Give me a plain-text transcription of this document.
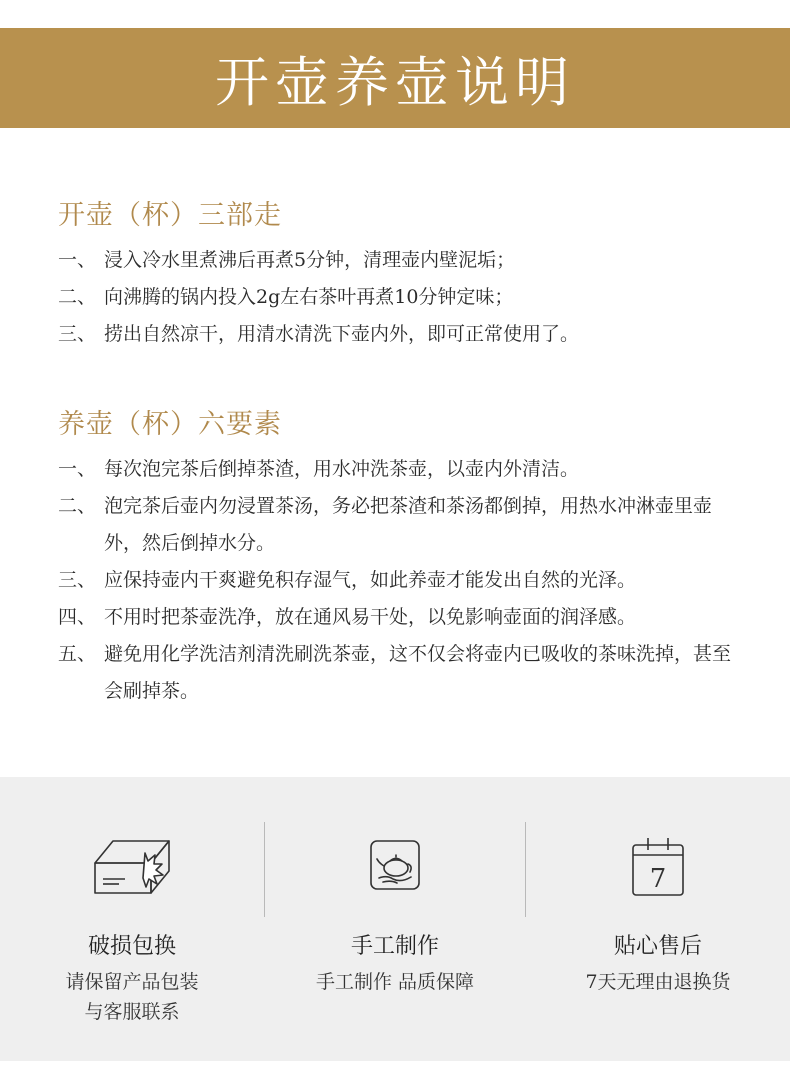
开壶养壶说明
开壶（杯）三部走
一、 浸入冷水里煮沸后再煮5分钟，清理壶内壁泥垢；
二、 向沸腾的锅内投入2g左右茶叶再煮10分钟定味；
三、 捞出自然凉干，用清水清洗下壶内外，即可正常使用了。
养壶（杯）六要素
一、 每次泡完茶后倒掉茶渣，用水冲洗茶壶，以壶内外清洁。
二、 泡完茶后壶内勿浸置茶汤，务必把茶渣和茶汤都倒掉，用热水冲淋壶里壶外，然后倒掉水分。
三、 应保持壶内干爽避免积存湿气，如此养壶才能发出自然的光泽。
四、 不用时把茶壶洗净，放在通风易干处，以免影响壶面的润泽感。
五、 避免用化学洗洁剂清洗刷洗茶壶，这不仅会将壶内已吸收的茶味洗掉，甚至会刷掉茶。
破损包换
请保留产品包装
与客服联系
手工制作
手工制作 品质保障
7
贴心售后
7天无理由退换货
